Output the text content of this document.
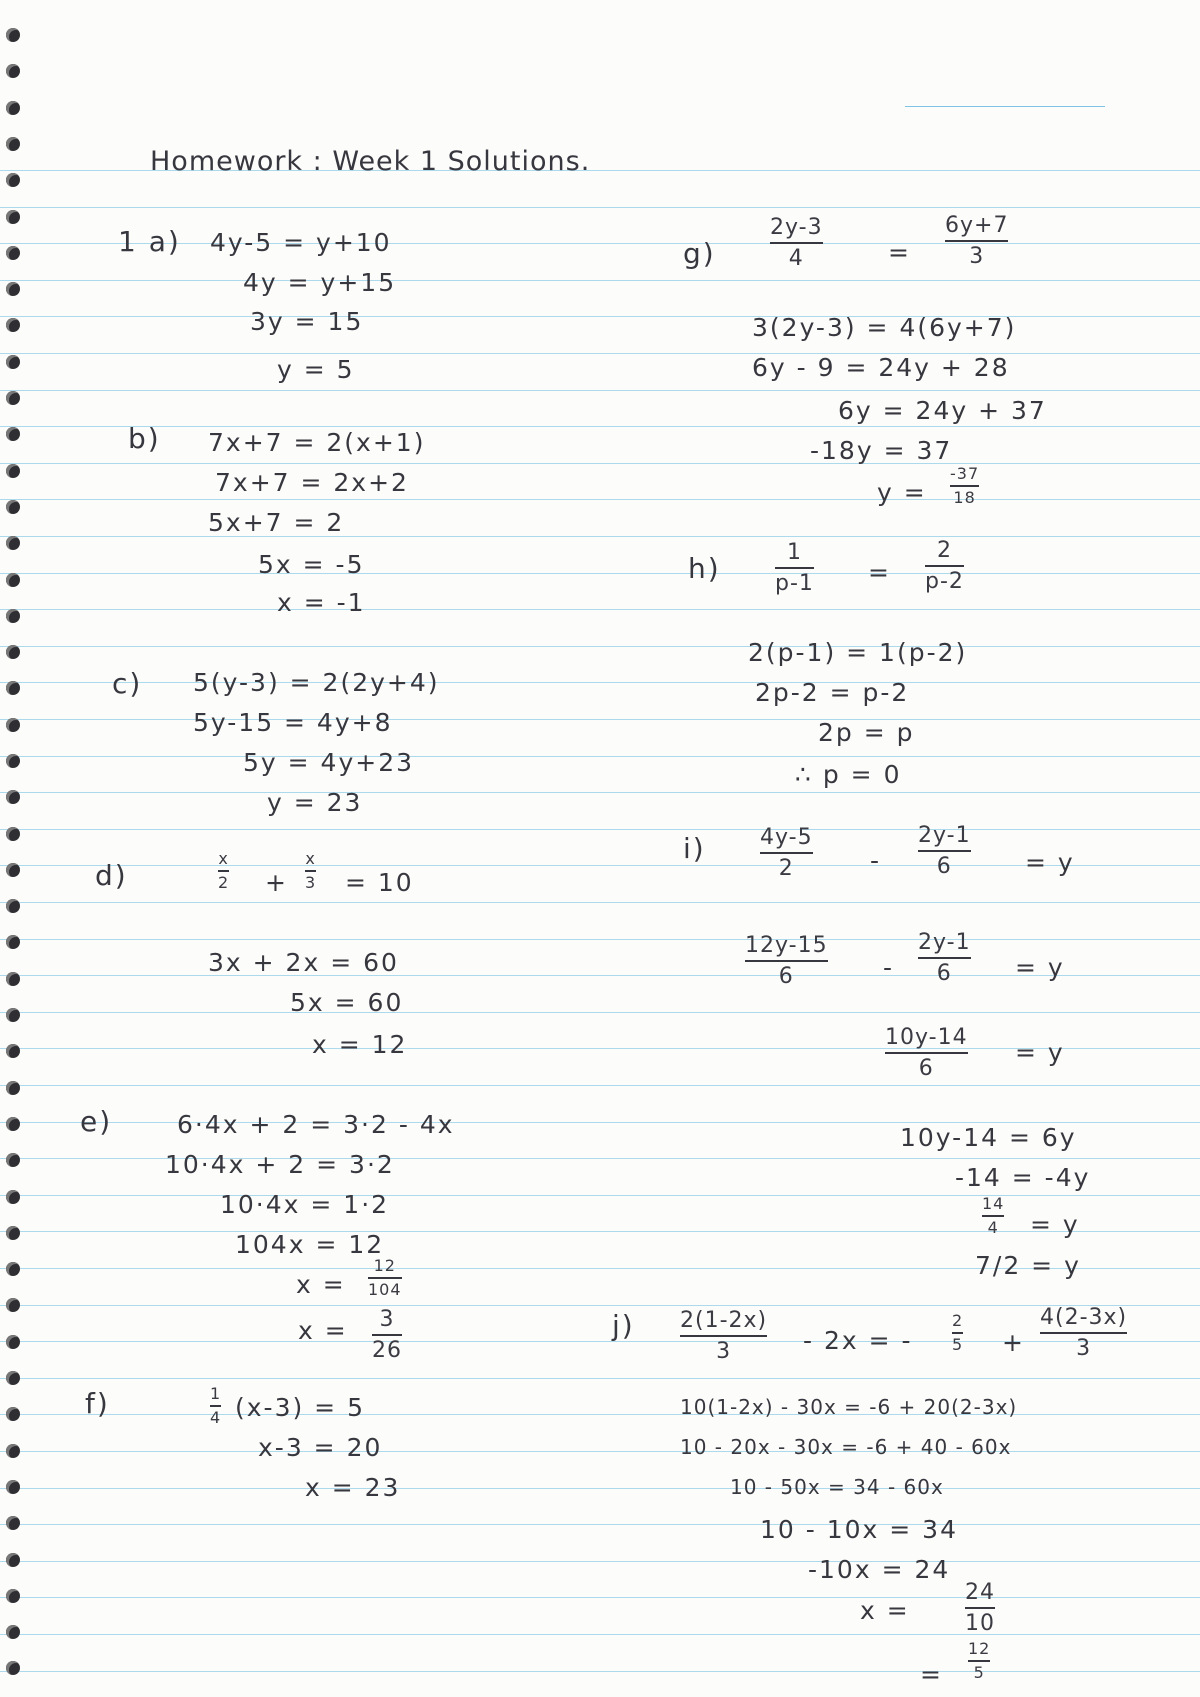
Homework : Week 1 Solutions.
1 a) 4y-5 = y+10
4y = y+15
3y = 15
y = 5
b) 7x+7 = 2(x+1)
7x+7 = 2x+2
5x+7 = 2
5x = -5
x = -1
c) 5(y-3) = 2(2y+4)
5y-15 = 4y+8
5y = 4y+23
y = 23
d)
x
2 +
x
3 = 10
3x + 2x = 60
5x = 60
x = 12
e)	6·4x + 2 = 3·2 - 4x
10·4x + 2 = 3·2
10·4x = 1·2
104x = 12
x =
12
104
x = 3
26
f)	1
4 (x-3) = 5
x-3 = 20
x = 23
g)
2y-3
4	=
6y+7
3
3(2y-3) = 4(6y+7)
6y - 9 = 24y + 28
6y = 24y + 37
-18y = 37
y =
-37
18
h)	1
p-1 =
2
p-2
2(p-1) = 1(p-2)
2p-2 = p-2
2p = p
∴ p = 0
i) 4y-5
2	-
2y-1
6	= y
12y-15
6	-
2y-1
6	= y
10y-14
6
= y
10y-14 = 6y
-14 = -4y
14
4 = y
7/2 = y
j) 2(1-2x)
3	- 2x = -
2
5 +
4(2-3x)
3
10(1-2x) - 30x = -6 + 20(2-3x)
10 - 20x - 30x = -6 + 40 - 60x
10 - 50x = 34 - 60x
10 - 10x = 34
-10x = 24
x =
24
10
=
12
5
